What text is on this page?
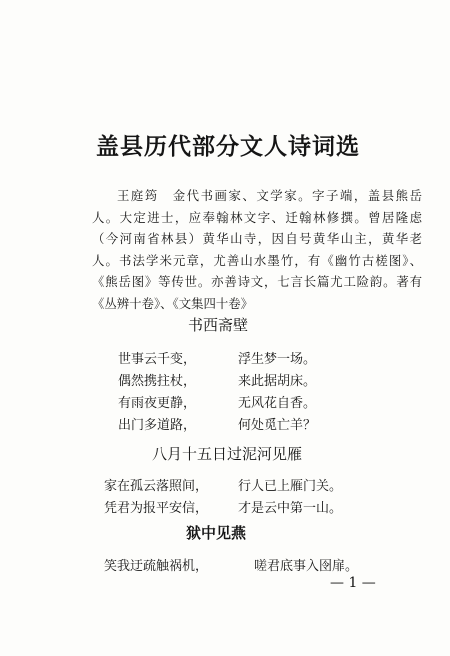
盖县历代部分文人诗词选
王庭筠　金代书画家、文学家。字子端，盖县熊岳
人。大定进士，应奉翰林文字、迁翰林修撰。曾居隆虑
（今河南省林县）黄华山寺，因自号黄华山主，黄华老
人。书法学米元章，尤善山水墨竹，有《幽竹古槎图》、
《熊岳图》等传世。亦善诗文，七言长篇尤工险韵。著有
《丛辨十卷》、《文集四十卷》
书西斋壁
世事云千变，	浮生梦一场。
偶然携拄杖，	来此据胡床。
有雨夜更静，	无风花自香。
出门多道路，	何处觅亡羊？
八月十五日过泥河见雁
家在孤云落照间， 行人已上雁门关。
凭君为报平安信， 才是云中第一山。
狱中见燕
笑我迂疏触祸机，	嗟君底事入囹扉。
— 1 —
